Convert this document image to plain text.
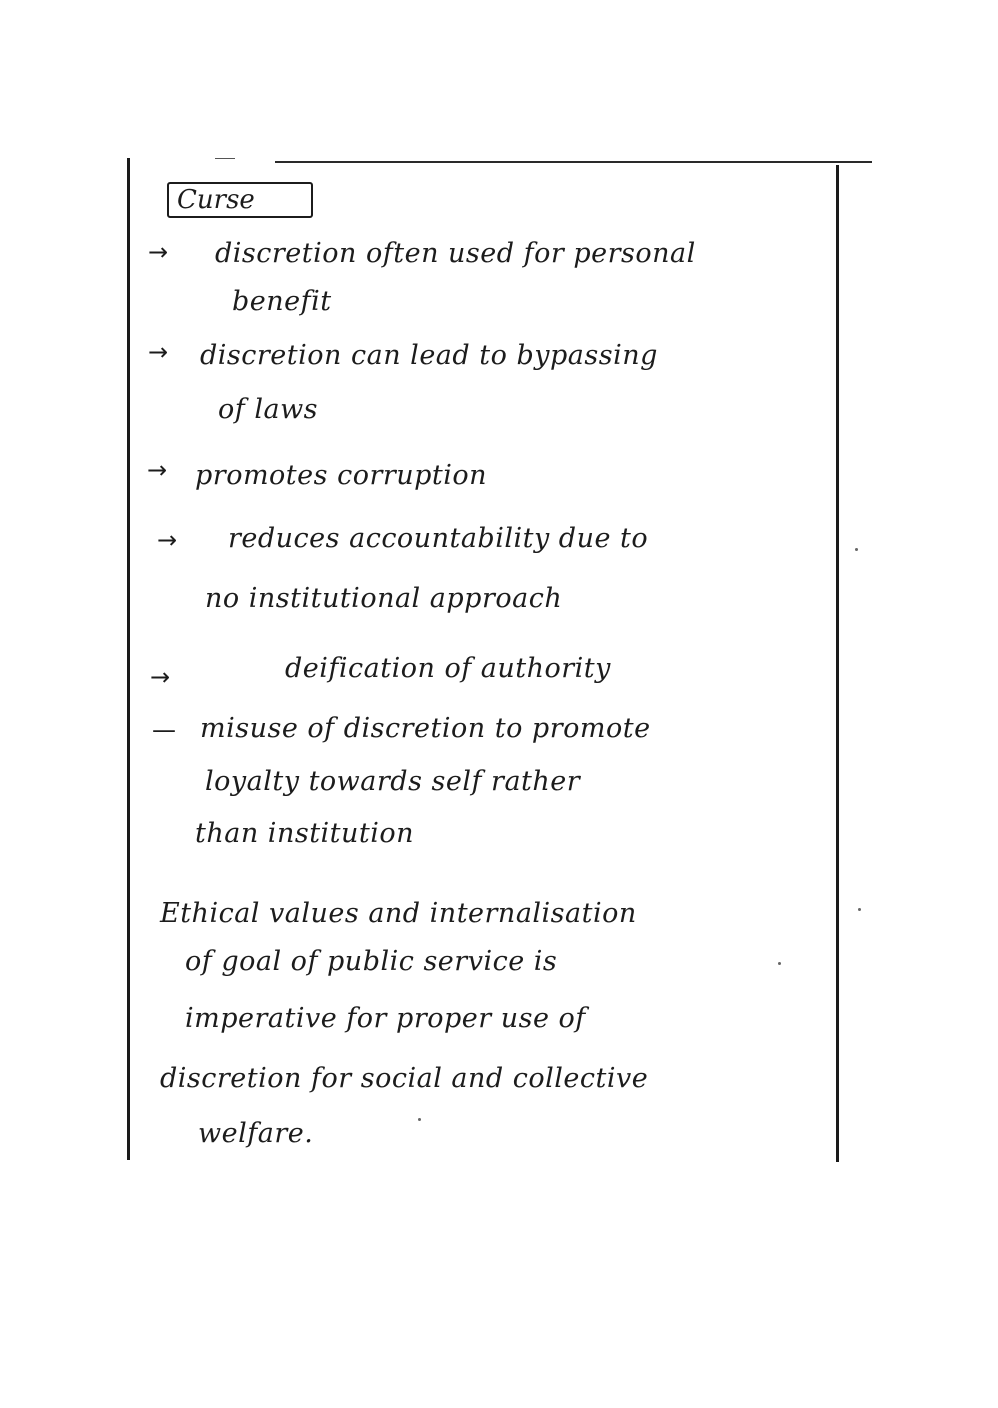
Curse
→ discretion often used for personal
benefit
→ discretion can lead to bypassing
of laws
→ promotes corruption
→ reduces accountability due to
no institutional approach
→	deification of authority
— misuse of discretion to promote
loyalty towards self rather
than institution
Ethical values and internalisation
of goal of public service is
imperative for proper use of
discretion for social and collective
welfare.
